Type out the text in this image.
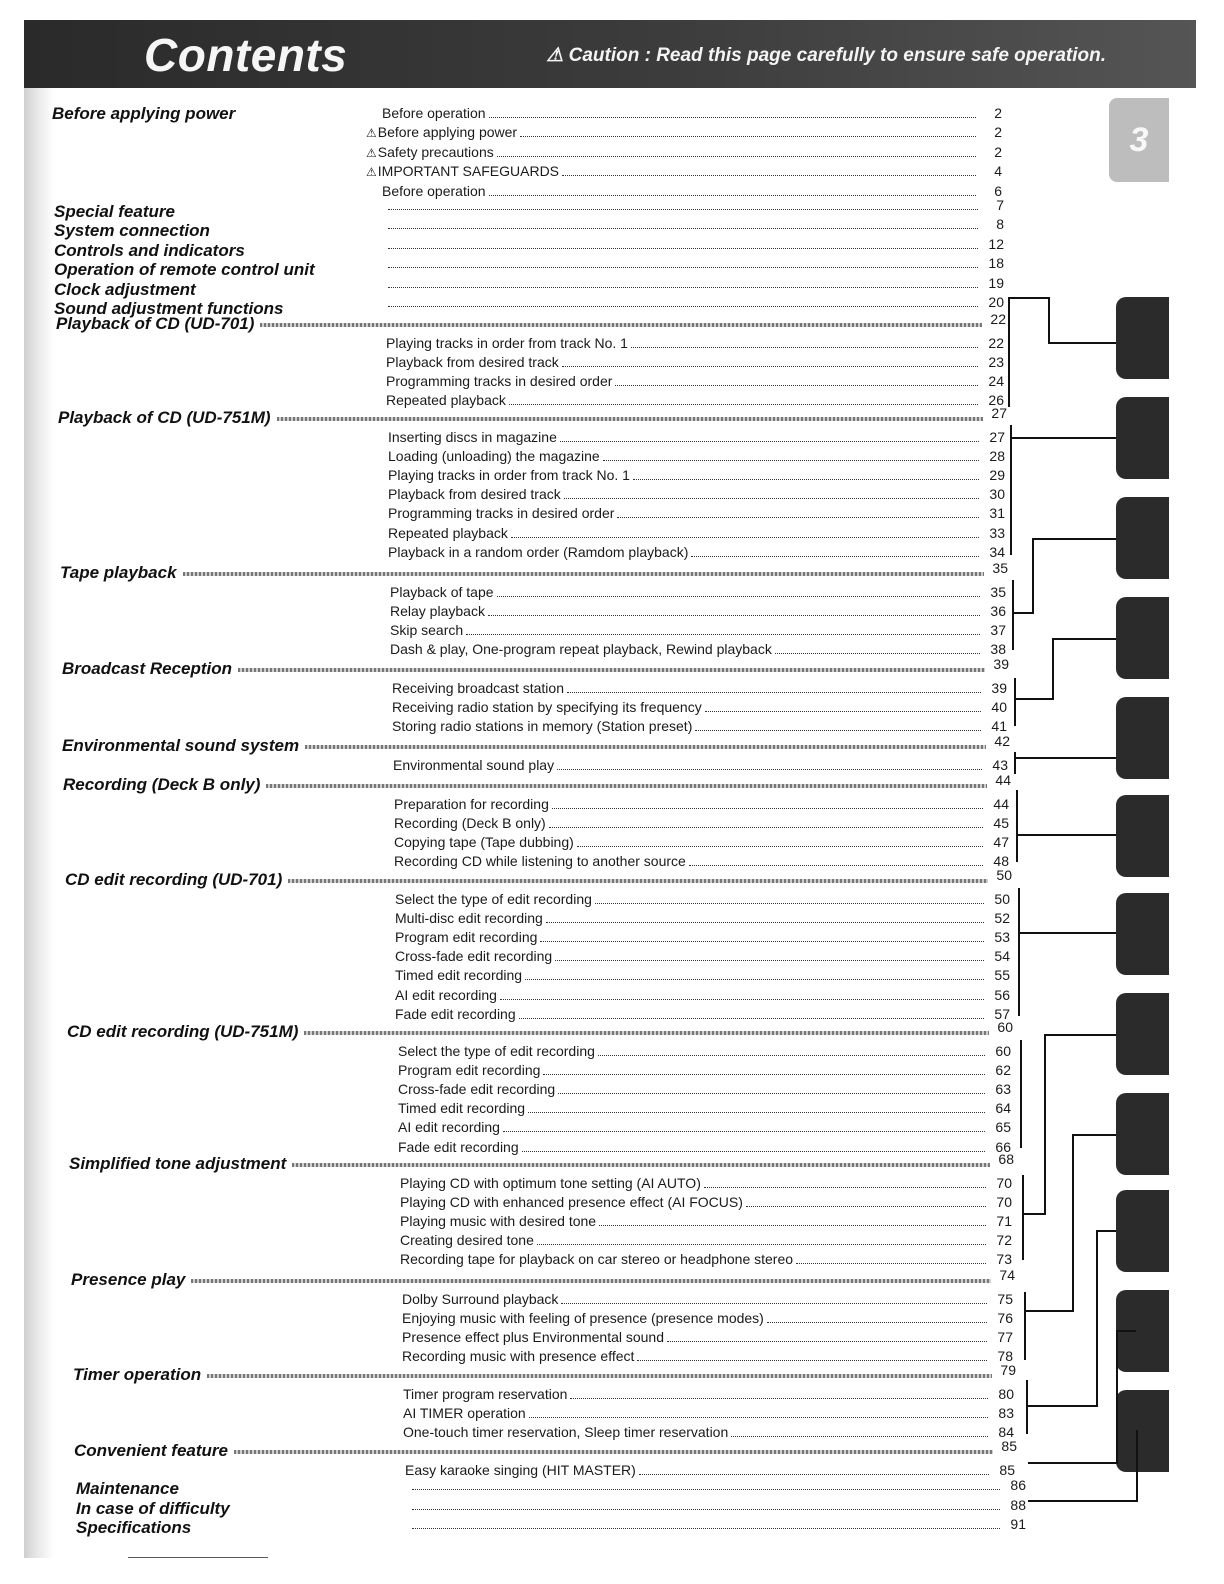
Contents	⚠ Caution : Read this page carefully to ensure safe operation.
3
Before applying power	Before operation	2
⚠Before applying power	2
⚠Safety precautions	2
⚠IMPORTANT SAFEGUARDS	4
Before operation	6
Special feature	7
System connection	8
Controls and indicators	12
Operation of remote control unit	18
Clock adjustment	19
Sound adjustment functions	20
Playback of CD (UD-701)	22
Playing tracks in order from track No. 1	22
Playback from desired track	23
Programming tracks in desired order	24
Repeated playback	26
Playback of CD (UD-751M)	27
Inserting discs in magazine	27
Loading (unloading) the magazine	28
Playing tracks in order from track No. 1	29
Playback from desired track	30
Programming tracks in desired order	31
Repeated playback	33
Playback in a random order (Ramdom playback)	34
Tape playback	35
Playback of tape	35
Relay playback	36
Skip search	37
Dash & play, One-program repeat playback, Rewind playback	38
Broadcast Reception	39
Receiving broadcast station	39
Receiving radio station by specifying its frequency	40
Storing radio stations in memory (Station preset)	41
Environmental sound system	42
Environmental sound play	43
Recording (Deck B only)	44
Preparation for recording	44
Recording (Deck B only)	45
Copying tape (Tape dubbing)	47
Recording CD while listening to another source	48
CD edit recording (UD-701)	50
Select the type of edit recording	50
Multi-disc edit recording	52
Program edit recording	53
Cross-fade edit recording	54
Timed edit recording	55
AI edit recording	56
Fade edit recording	57
CD edit recording (UD-751M)	60
Select the type of edit recording	60
Program edit recording	62
Cross-fade edit recording	63
Timed edit recording	64
AI edit recording	65
Fade edit recording	66
Simplified tone adjustment	68
Playing CD with optimum tone setting (AI AUTO)	70
Playing CD with enhanced presence effect (AI FOCUS)	70
Playing music with desired tone	71
Creating desired tone	72
Recording tape for playback on car stereo or headphone stereo	73
Presence play	74
Dolby Surround playback	75
Enjoying music with feeling of presence (presence modes)	76
Presence effect plus Environmental sound	77
Recording music with presence effect	78
Timer operation	79
Timer program reservation	80
AI TIMER operation	83
One-touch timer reservation, Sleep timer reservation	84
Convenient feature	85
Easy karaoke singing (HIT MASTER)	85
Maintenance	86
In case of difficulty	88
Specifications	91
